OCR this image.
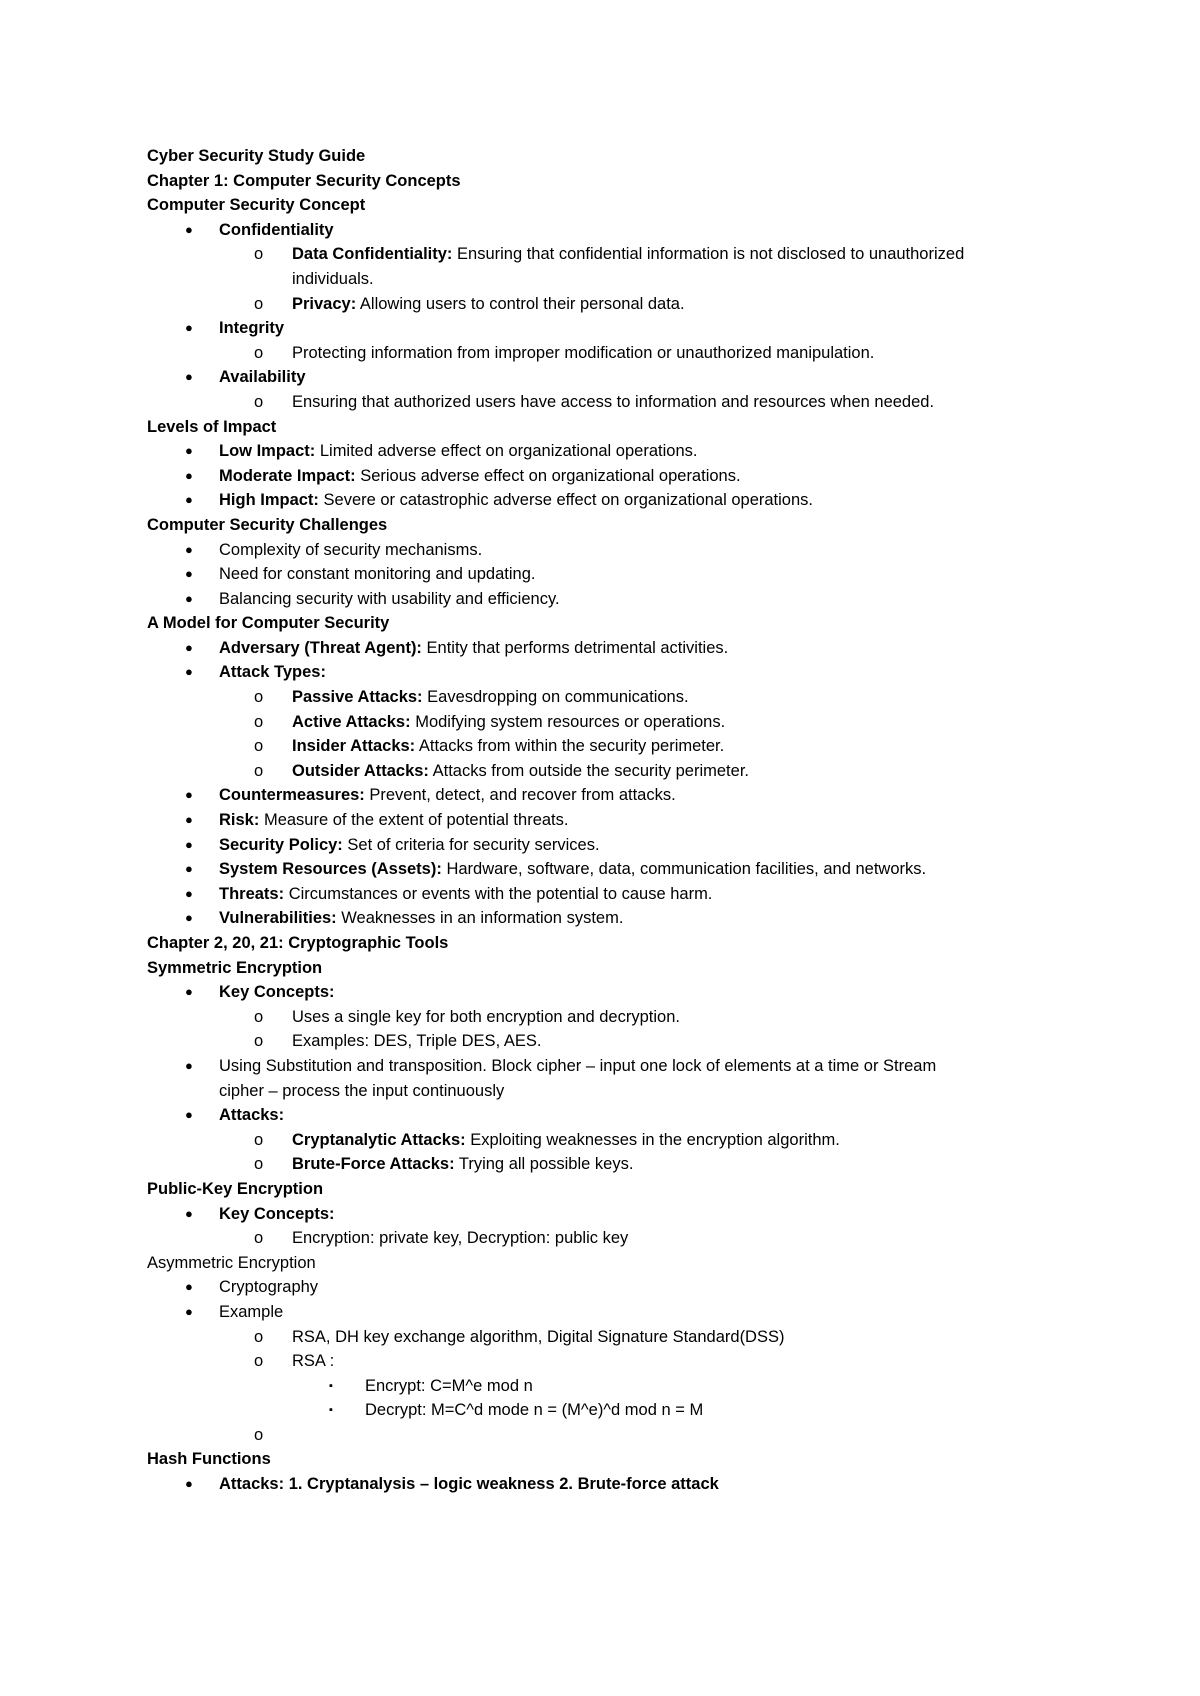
Cyber Security Study Guide
Chapter 1: Computer Security Concepts
Computer Security Concept
● Confidentiality
o Data Confidentiality: Ensuring that confidential information is not disclosed to unauthorized
individuals.
o Privacy: Allowing users to control their personal data.
● Integrity
o Protecting information from improper modification or unauthorized manipulation.
● Availability
o Ensuring that authorized users have access to information and resources when needed.
Levels of Impact
● Low Impact: Limited adverse effect on organizational operations.
● Moderate Impact: Serious adverse effect on organizational operations.
● High Impact: Severe or catastrophic adverse effect on organizational operations.
Computer Security Challenges
● Complexity of security mechanisms.
● Need for constant monitoring and updating.
● Balancing security with usability and efficiency.
A Model for Computer Security
● Adversary (Threat Agent): Entity that performs detrimental activities.
● Attack Types:
o Passive Attacks: Eavesdropping on communications.
o Active Attacks: Modifying system resources or operations.
o Insider Attacks: Attacks from within the security perimeter.
o Outsider Attacks: Attacks from outside the security perimeter.
● Countermeasures: Prevent, detect, and recover from attacks.
● Risk: Measure of the extent of potential threats.
● Security Policy: Set of criteria for security services.
● System Resources (Assets): Hardware, software, data, communication facilities, and networks.
● Threats: Circumstances or events with the potential to cause harm.
● Vulnerabilities: Weaknesses in an information system.
Chapter 2, 20, 21: Cryptographic Tools
Symmetric Encryption
● Key Concepts:
o Uses a single key for both encryption and decryption.
o Examples: DES, Triple DES, AES.
● Using Substitution and transposition. Block cipher – input one lock of elements at a time or Stream
cipher – process the input continuously
● Attacks:
o Cryptanalytic Attacks: Exploiting weaknesses in the encryption algorithm.
o Brute-Force Attacks: Trying all possible keys.
Public-Key Encryption
● Key Concepts:
o Encryption: private key, Decryption: public key
Asymmetric Encryption
● Cryptography
● Example
o RSA, DH key exchange algorithm, Digital Signature Standard(DSS)
o RSA :
▪ Encrypt: C=M^e mod n
▪ Decrypt: M=C^d mode n = (M^e)^d mod n = M
o
Hash Functions
● Attacks: 1. Cryptanalysis – logic weakness 2. Brute-force attack
